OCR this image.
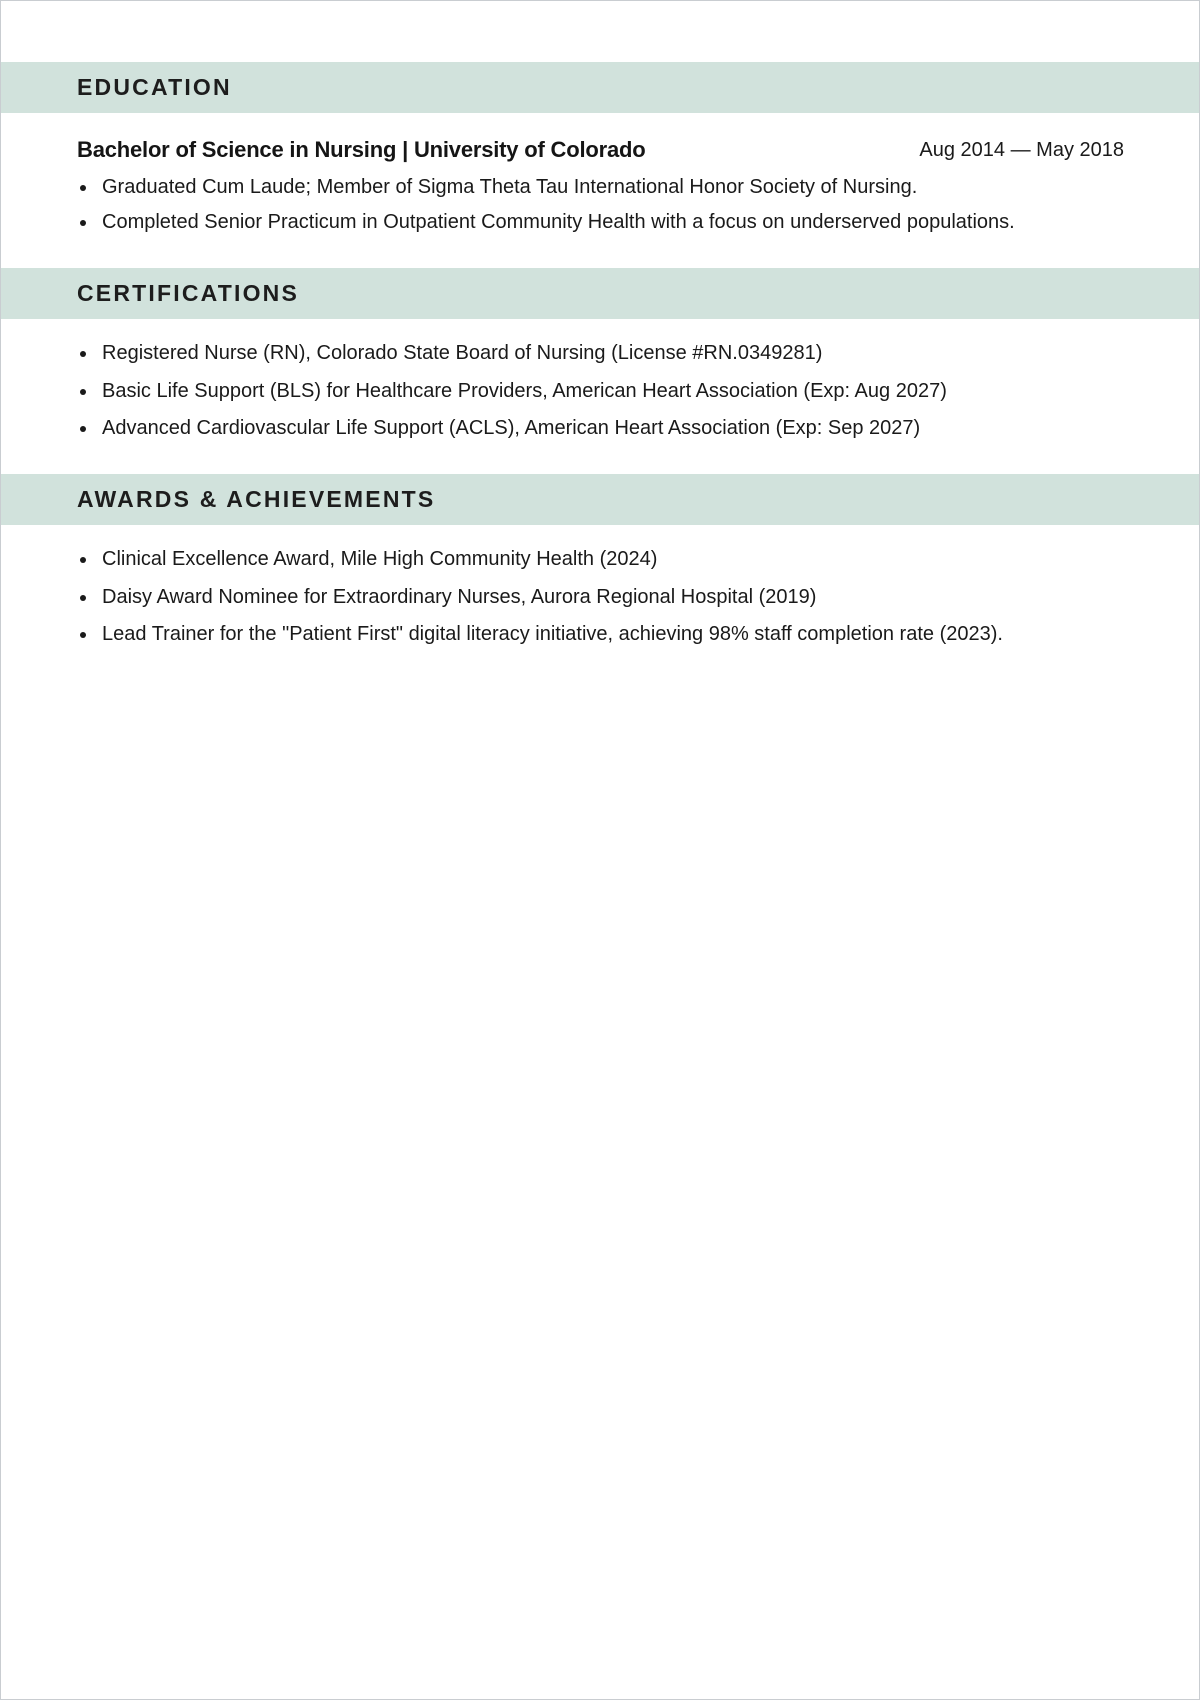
EDUCATION
Bachelor of Science in Nursing | University of Colorado	Aug 2014 — May 2018
Graduated Cum Laude; Member of Sigma Theta Tau International Honor Society of Nursing.
Completed Senior Practicum in Outpatient Community Health with a focus on underserved populations.
CERTIFICATIONS
Registered Nurse (RN), Colorado State Board of Nursing (License #RN.0349281)
Basic Life Support (BLS) for Healthcare Providers, American Heart Association (Exp: Aug 2027)
Advanced Cardiovascular Life Support (ACLS), American Heart Association (Exp: Sep 2027)
AWARDS & ACHIEVEMENTS
Clinical Excellence Award, Mile High Community Health (2024)
Daisy Award Nominee for Extraordinary Nurses, Aurora Regional Hospital (2019)
Lead Trainer for the "Patient First" digital literacy initiative, achieving 98% staff completion rate (2023).
